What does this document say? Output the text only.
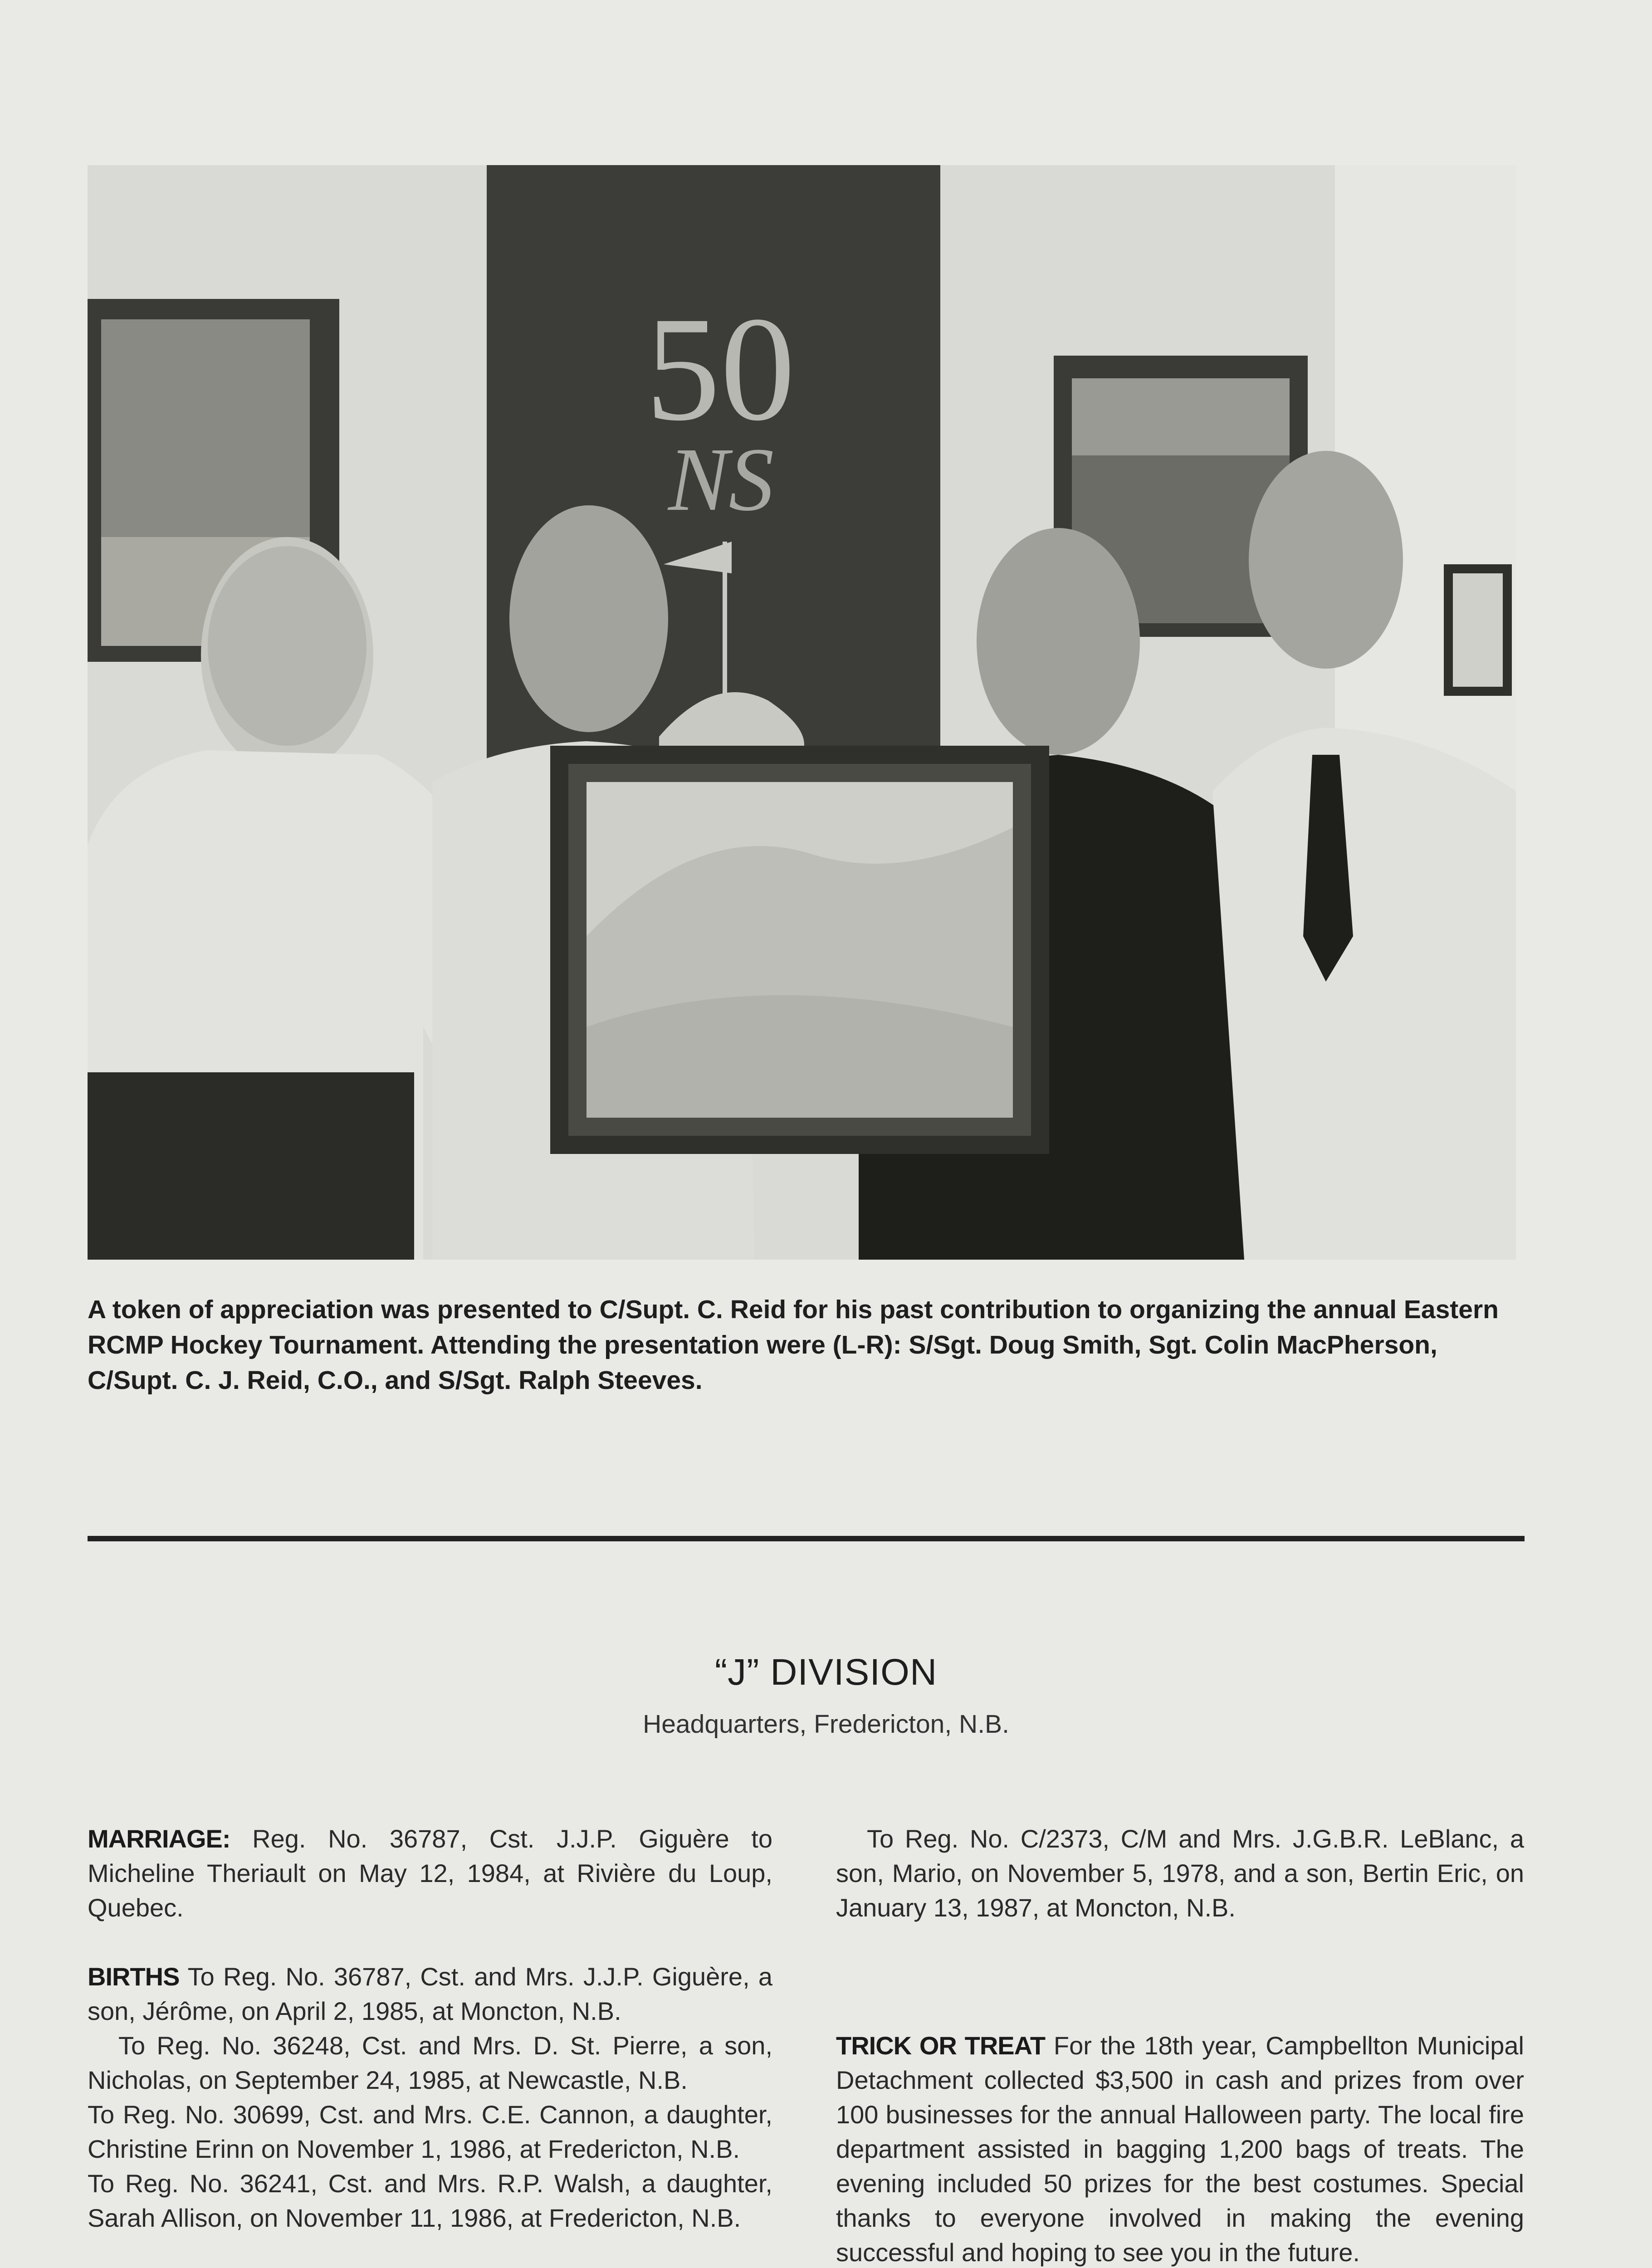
50
NS
A token of appreciation was presented to C/Supt. C. Reid for his past contribution to organizing the annual Eastern RCMP Hockey Tournament. Attending the presentation were (L-R): S/Sgt. Doug Smith, Sgt. Colin MacPherson, C/Supt. C. J. Reid, C.O., and S/Sgt. Ralph Steeves.
“J” DIVISION
Headquarters, Fredericton, N.B.

MARRIAGE: Reg. No. 36787, Cst. J.J.P. Giguère to Micheline Theriault on May 12, 1984, at Rivière du Loup, Quebec.

BIRTHS To Reg. No. 36787, Cst. and Mrs. J.J.P. Giguère, a son, Jérôme, on April 2, 1985, at Moncton, N.B.

To Reg. No. 36248, Cst. and Mrs. D. St. Pierre, a son, Nicholas, on September 24, 1985, at Newcastle, N.B.

To Reg. No. 30699, Cst. and Mrs. C.E. Cannon, a daughter, Christine Erinn on November 1, 1986, at Fredericton, N.B.

To Reg. No. 36241, Cst. and Mrs. R.P. Walsh, a daughter, Sarah Allison, on November 11, 1986, at Fredericton, N.B.

To Reg. No. C/2373, C/M and Mrs. J.G.B.R. LeBlanc, a son, Mario, on November 5, 1978, and a son, Bertin Eric, on January 13, 1987, at Moncton, N.B.

TRICK OR TREAT For the 18th year, Campbellton Municipal Detachment collected $3,500 in cash and prizes from over 100 businesses for the annual Halloween party. The local fire department assisted in bagging 1,200 bags of treats. The evening included 50 prizes for the best costumes. Special thanks to everyone involved in making the evening successful and hoping to see you in the future.
